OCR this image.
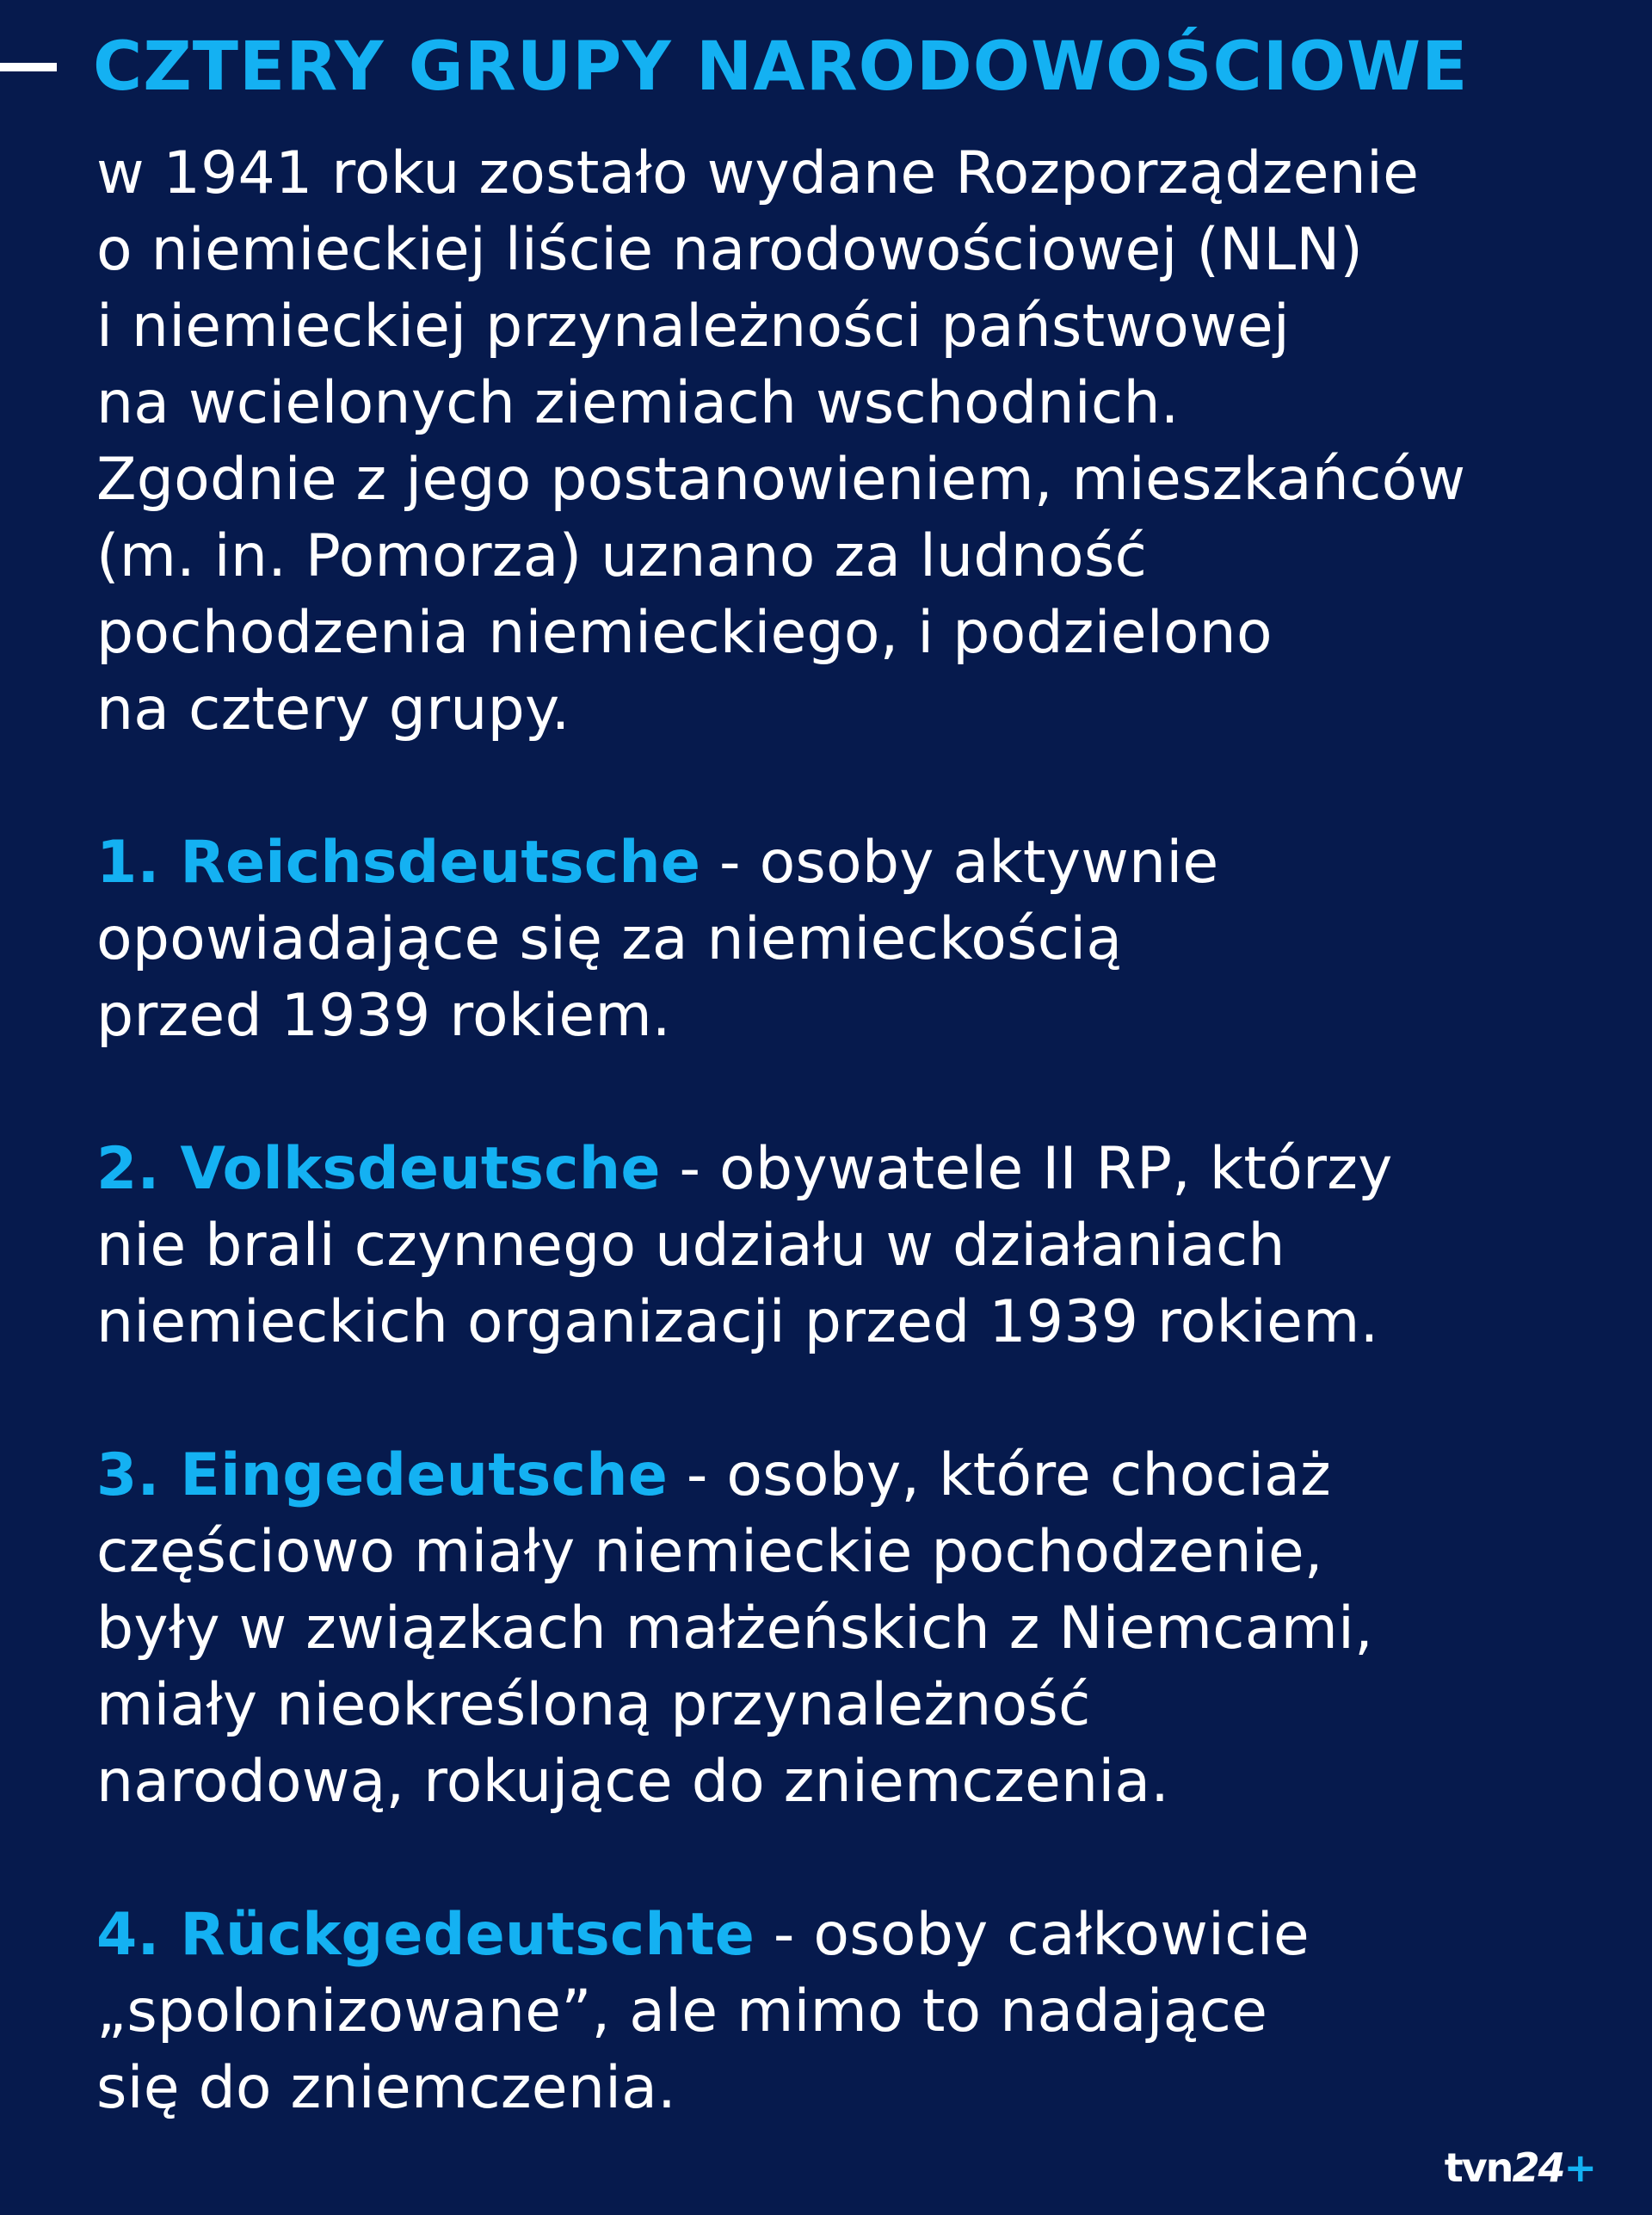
CZTERY GRUPY NARODOWOŚCIOWE

w 1941 roku zostało wydane Rozporządzenie
o niemieckiej liście narodowościowej (NLN)
i niemieckiej przynależności państwowej
na wcielonych ziemiach wschodnich.
Zgodnie z jego postanowieniem, mieszkańców
(m. in. Pomorza) uznano za ludność
pochodzenia niemieckiego, i podzielono
na cztery grupy.

1. Reichsdeutsche - osoby aktywnie
opowiadające się za niemieckością
przed 1939 rokiem.

2. Volksdeutsche - obywatele II RP, którzy
nie brali czynnego udziału w działaniach
niemieckich organizacji przed 1939 rokiem.

3. Eingedeutsche - osoby, które chociaż
częściowo miały niemieckie pochodzenie,
były w związkach małżeńskich z Niemcami,
miały nieokreśloną przynależność
narodową, rokujące do zniemczenia.

4. Rückgedeutschte - osoby całkowicie
„spolonizowane”, ale mimo to nadające
się do zniemczenia.

tvn24+
